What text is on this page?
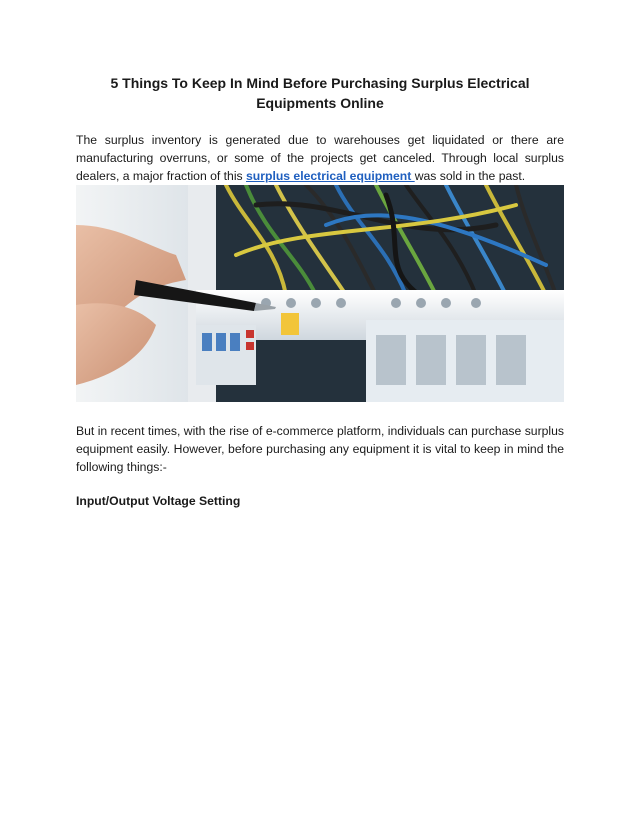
5 Things To Keep In Mind Before Purchasing Surplus Electrical Equipments Online
The surplus inventory is generated due to warehouses get liquidated or there are manufacturing overruns, or some of the projects get canceled. Through local surplus dealers, a major fraction of this surplus electrical equipment was sold in the past.
But in recent times, with the rise of e-commerce platform, individuals can purchase surplus equipment easily. However, before purchasing any equipment it is vital to keep in mind the following things:-
Input/Output Voltage Setting
